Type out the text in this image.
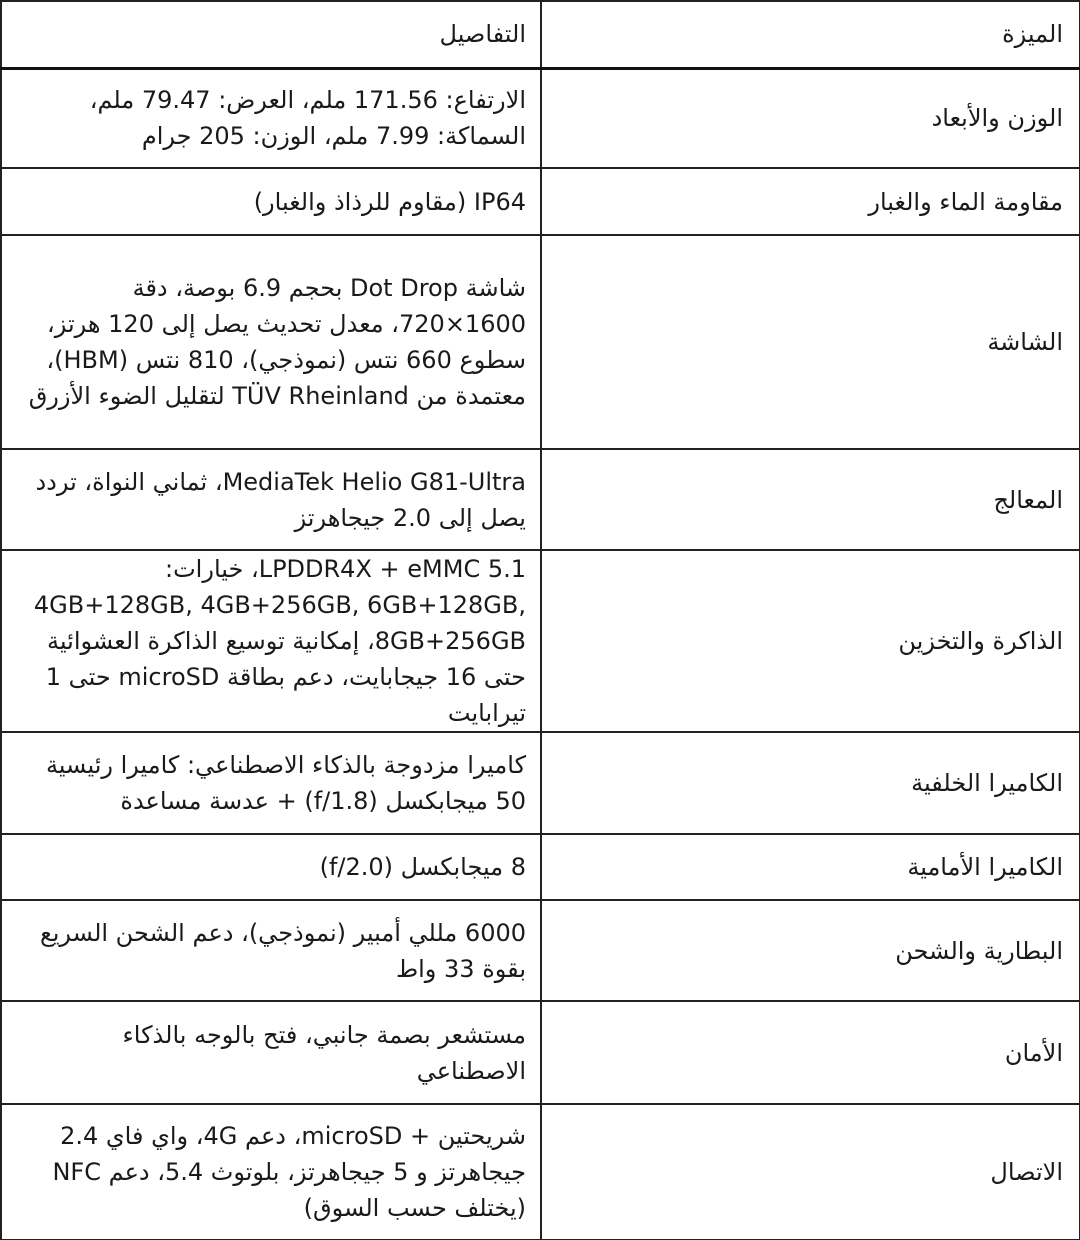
الميزة	التفاصيل

الوزن والأبعاد	الارتفاع: 171.56 ملم، العرض: 79.47 ملم، السماكة: 7.99 ملم، الوزن: 205 جرام

مقاومة الماء والغبار	IP64 (مقاوم للرذاذ والغبار)

الشاشة	شاشة Dot Drop بحجم 6.9 بوصة، دقة 1600×720، معدل تحديث يصل إلى 120 هرتز، سطوع 660 نتس (نموذجي)، 810 نتس (HBM)، معتمدة من TÜV Rheinland لتقليل الضوء الأزرق

المعالج	MediaTek Helio G81-Ultra، ثماني النواة، تردد يصل إلى 2.0 جيجاهرتز

الذاكرة والتخزين	LPDDR4X + eMMC 5.1، خيارات: 4GB+128GB, 4GB+256GB, 6GB+128GB, 8GB+256GB، إمكانية توسيع الذاكرة العشوائية حتى 16 جيجابايت، دعم بطاقة microSD حتى 1 تيرابايت

الكاميرا الخلفية	كاميرا مزدوجة بالذكاء الاصطناعي: كاميرا رئيسية 50 ميجابكسل (f/1.8) + عدسة مساعدة

الكاميرا الأمامية	8 ميجابكسل (f/2.0)

البطارية والشحن	6000 مللي أمبير (نموذجي)، دعم الشحن السريع بقوة 33 واط

الأمان	مستشعر بصمة جانبي، فتح بالوجه بالذكاء الاصطناعي

الاتصال	شريحتين + microSD، دعم 4G، واي فاي 2.4 جيجاهرتز و 5 جيجاهرتز، بلوتوث 5.4، دعم NFC (يختلف حسب السوق)
